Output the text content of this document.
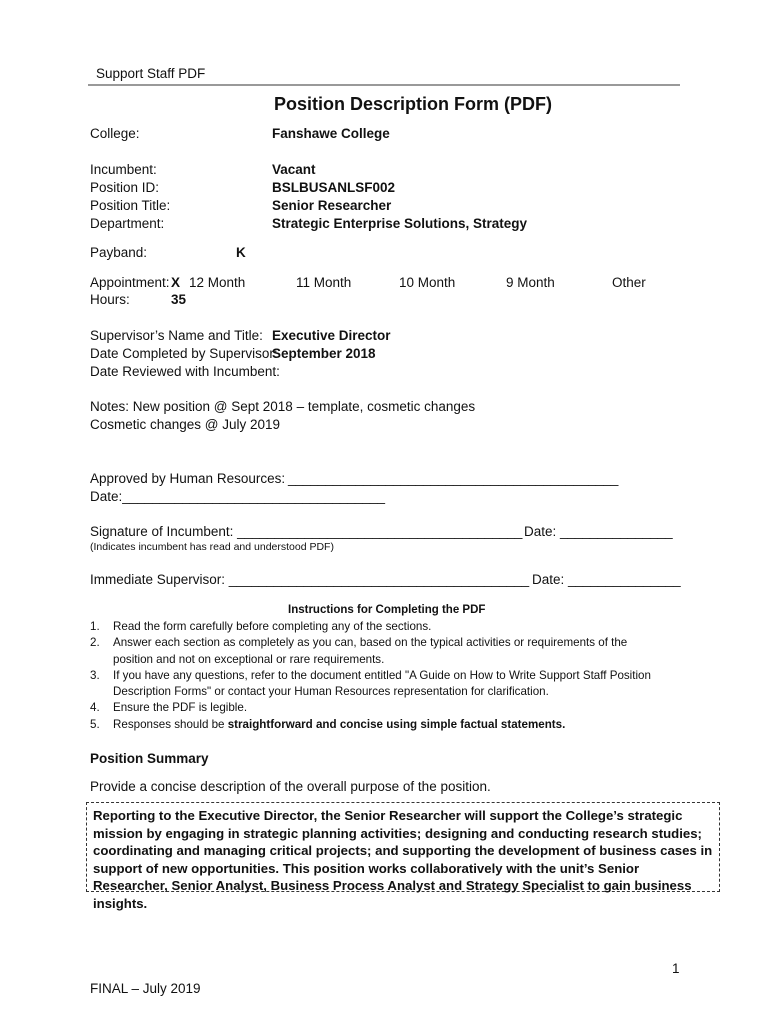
Support Staff PDF
Position Description Form (PDF)
College:	Fanshawe College
Incumbent:	Vacant
Position ID:	BSLBUSANLSF002
Position Title:	Senior Researcher
Department:	Strategic Enterprise Solutions, Strategy
Payband:	K
Appointment: X 12 Month	11 Month	10 Month	9 Month	Other
Hours:	35
Supervisor’s Name and Title: Executive Director
Date Completed by Supervisor:
September 2018
Date Reviewed with Incumbent:
Notes: New position @ Sept 2018 – template, cosmetic changes
Cosmetic changes @ July 2019
Approved by Human Resources: ____________________________________________
Date:___________________________________
Signature of Incumbent: ______________________________________ Date: _______________
(Indicates incumbent has read and understood PDF)
Immediate Supervisor: ________________________________________ Date: _______________
Instructions for Completing the PDF
1. Read the form carefully before completing any of the sections.
2. Answer each section as completely as you can, based on the typical activities or requirements of the position and not on exceptional or rare requirements.
3. If you have any questions, refer to the document entitled "A Guide on How to Write Support Staff Position Description Forms" or contact your Human Resources representation for clarification.
4. Ensure the PDF is legible.
5. Responses should be straightforward and concise using simple factual statements.
Position Summary
Provide a concise description of the overall purpose of the position.
Reporting to the Executive Director, the Senior Researcher will support the College’s strategic mission by engaging in strategic planning activities; designing and conducting research studies; coordinating and managing critical projects; and supporting the development of business cases in support of new opportunities. This position works collaboratively with the unit’s Senior Researcher, Senior Analyst, Business Process Analyst and Strategy Specialist to gain business insights.
1
FINAL – July 2019
